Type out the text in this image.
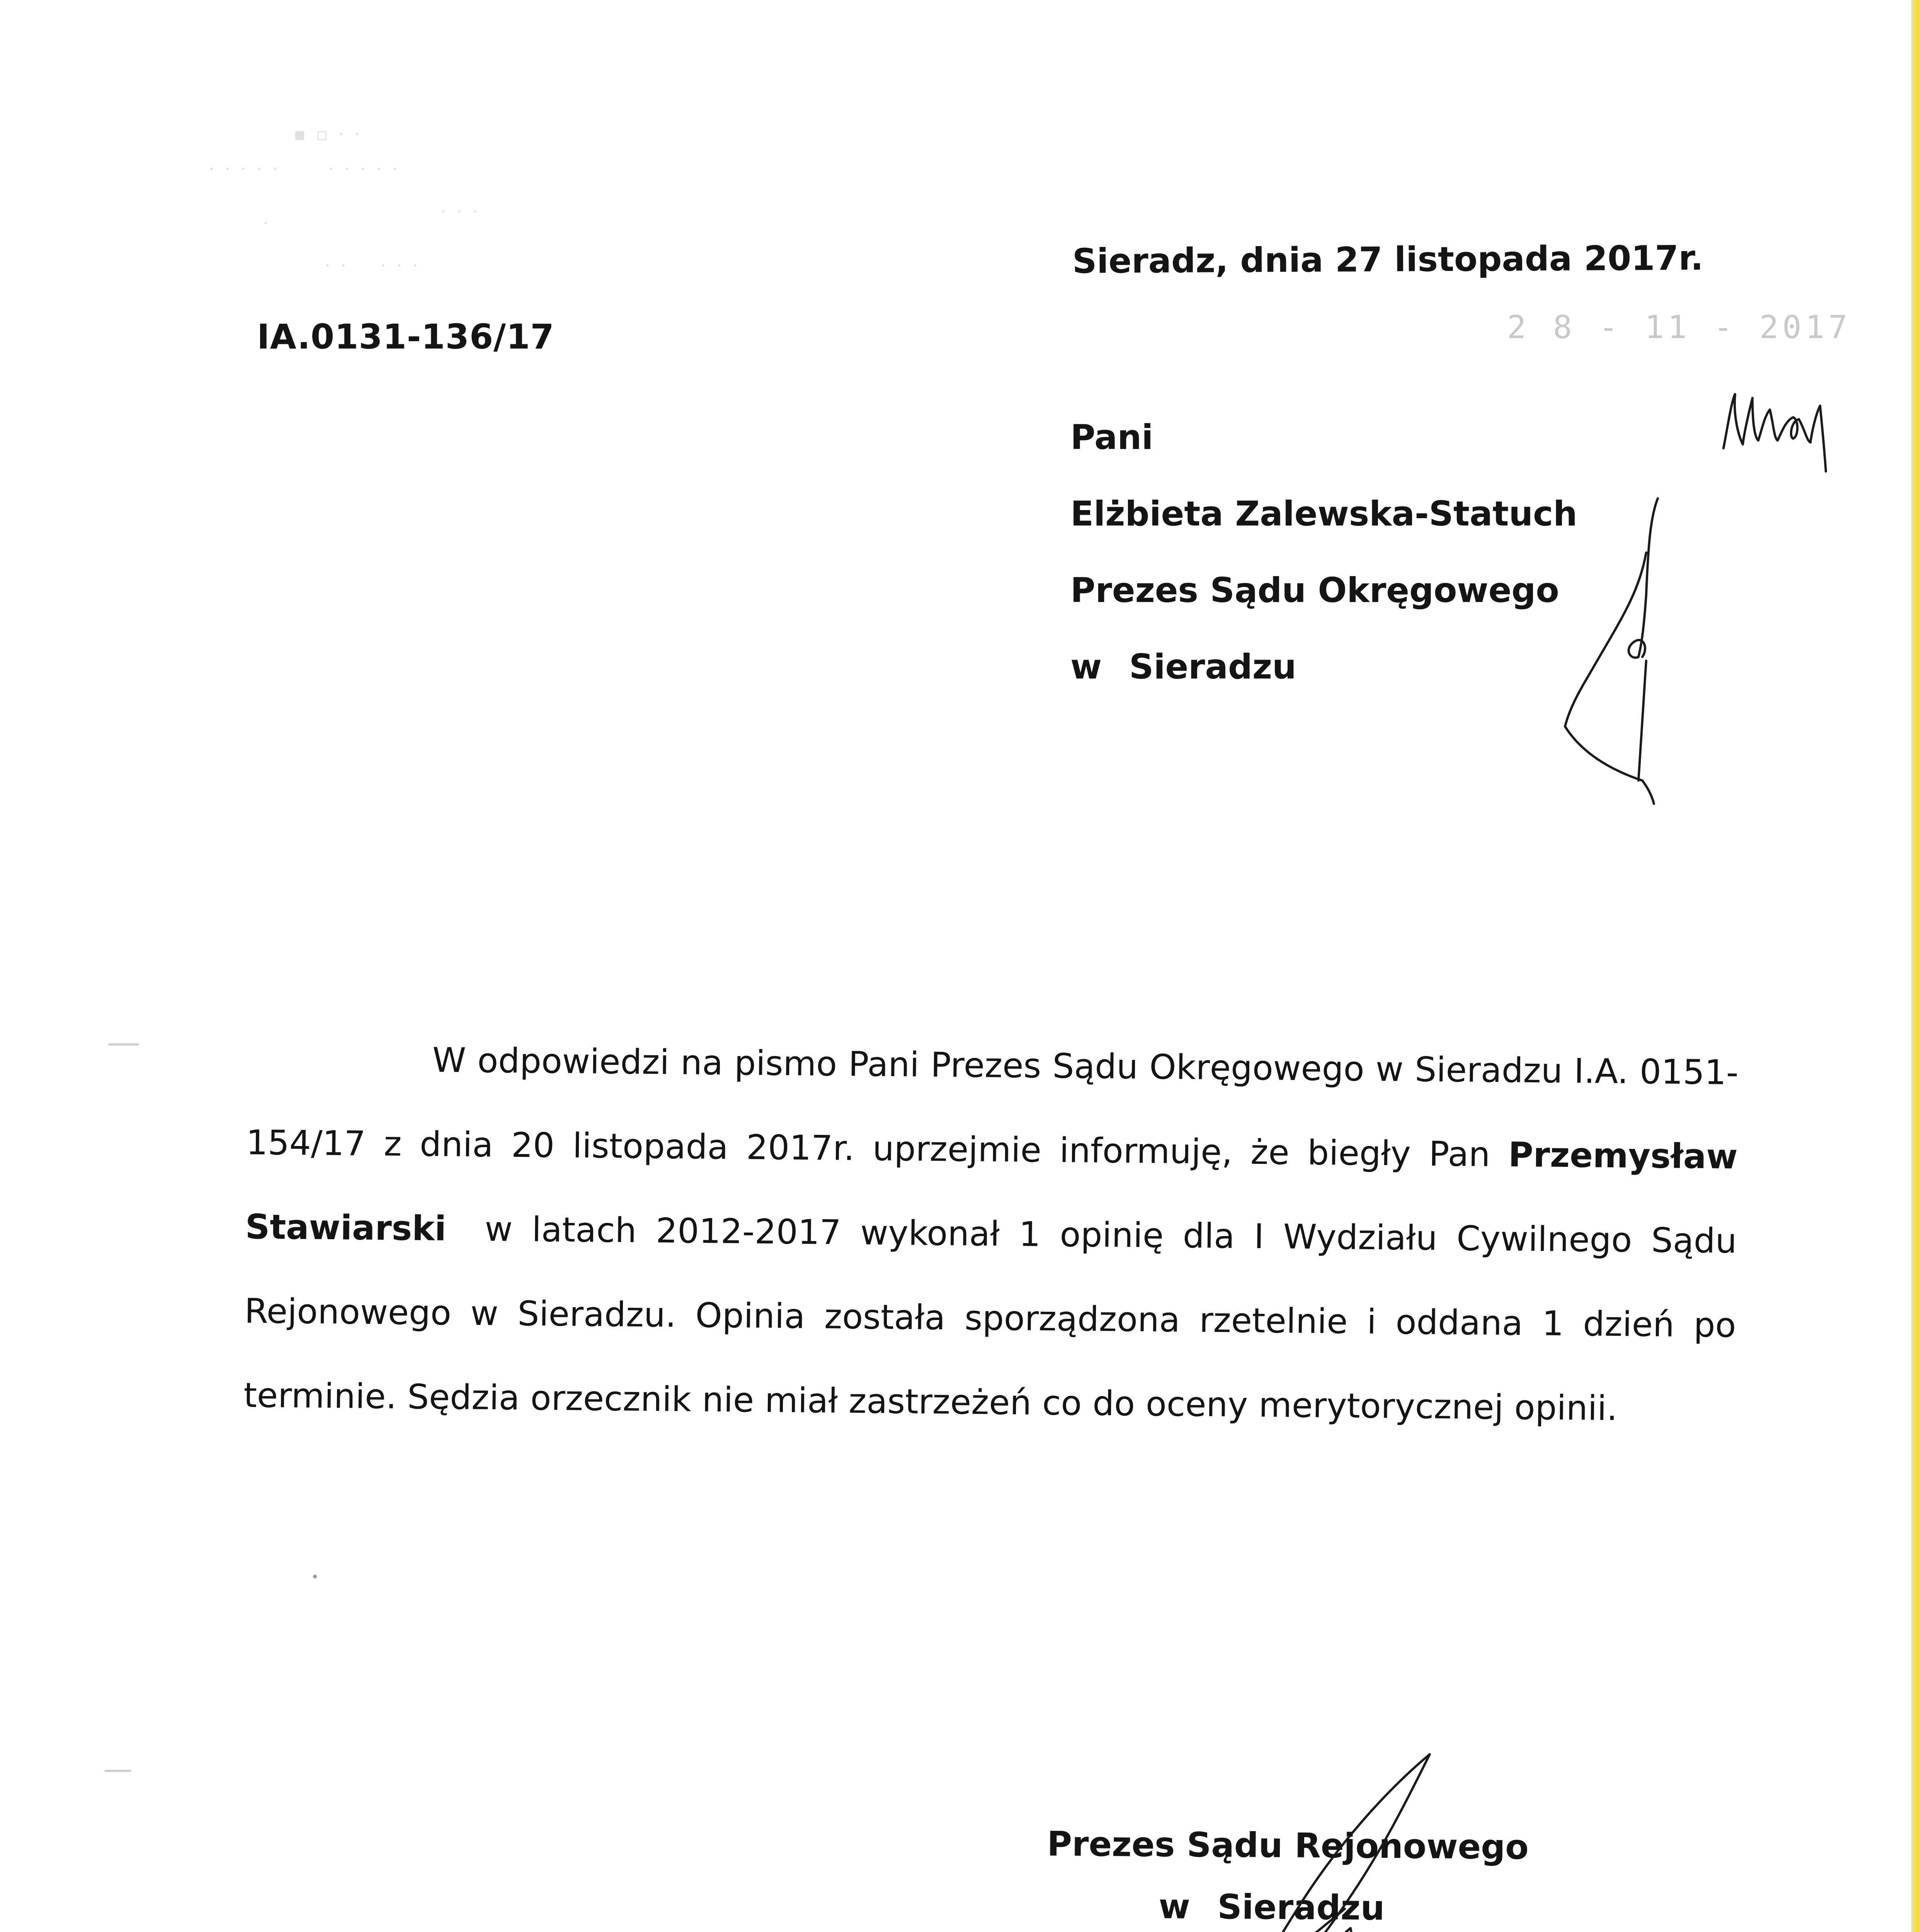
▪ ▫ · ·
· · · · ·      · · · · ·
· · ·
·
· ·    · · ·
IA.0131-136/17
Sieradz, dnia 27 listopada 2017r.
2 8 - 11 - 2017
Pani
Elżbieta Zalewska-Statuch
Prezes Sądu Okręgowego
w Sieradzu
W odpowiedzi na pismo Pani Prezes Sądu Okręgowego w Sieradzu I.A. 0151-154/17 z dnia 20 listopada 2017r. uprzejmie informuję, że biegły Pan Przemysław Stawiarski w latach 2012-2017 wykonał 1 opinię dla I Wydziału Cywilnego Sądu Rejonowego w Sieradzu. Opinia została sporządzona rzetelnie i oddana 1 dzień po terminie. Sędzia orzecznik nie miał zastrzeżeń co do oceny merytorycznej opinii.
Prezes Sądu Rejonowego
w Sieradzu
